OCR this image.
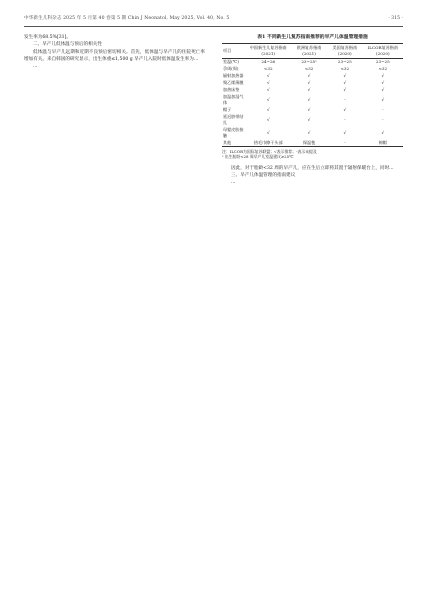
中华新生儿科杂志 2025 年 5 月第 40 卷第 5 期 Chin J Neonatol, May 2025, Vol. 40, No. 5	· 315 ·

发生率为68.5%[31]。

二、早产儿低体温与预后的相关性

低体温与早产儿远期和近期不良预后密切相关。首先，低体温与早产儿的住院死亡率增加有关。来自韩国的研究显示，出生体重≤1,500 g 早产儿入院时低体温发生率为...

...

表1 不同新生儿复苏指南推荐的早产儿体温管理措施
项目	中国新生儿复苏指南(2021)	欧洲复苏指南(2021)	美国复苏指南(2020)	ILCOR复苏指南(2020)
室温(℃)	24~26	23~25ᵃ	23~25	23~25
孕周(周)	<32	<32	<32	<32
辐射加热器	√	√	√	√
聚乙烯薄膜	√	√	√	√
加热床垫	√	√	√	√
加温加湿气体	√	√	-	√
帽子	√	√	√	-
延迟脐带结扎	√	√	-	-
母婴皮肤接触	√	√	√	√
其他	热毛巾擦干头部	保温毯	-	棉帽
注：ILCOR为国际复苏联盟；√表示推荐；-表示未提及
ᵃ 出生胎龄<28 周早产儿室温建议≥25℃

因此，对于胎龄<32 周的早产儿，应在生后立即将其置于辐射保暖台上，同时...

三、早产儿体温管理的指南建议

...
